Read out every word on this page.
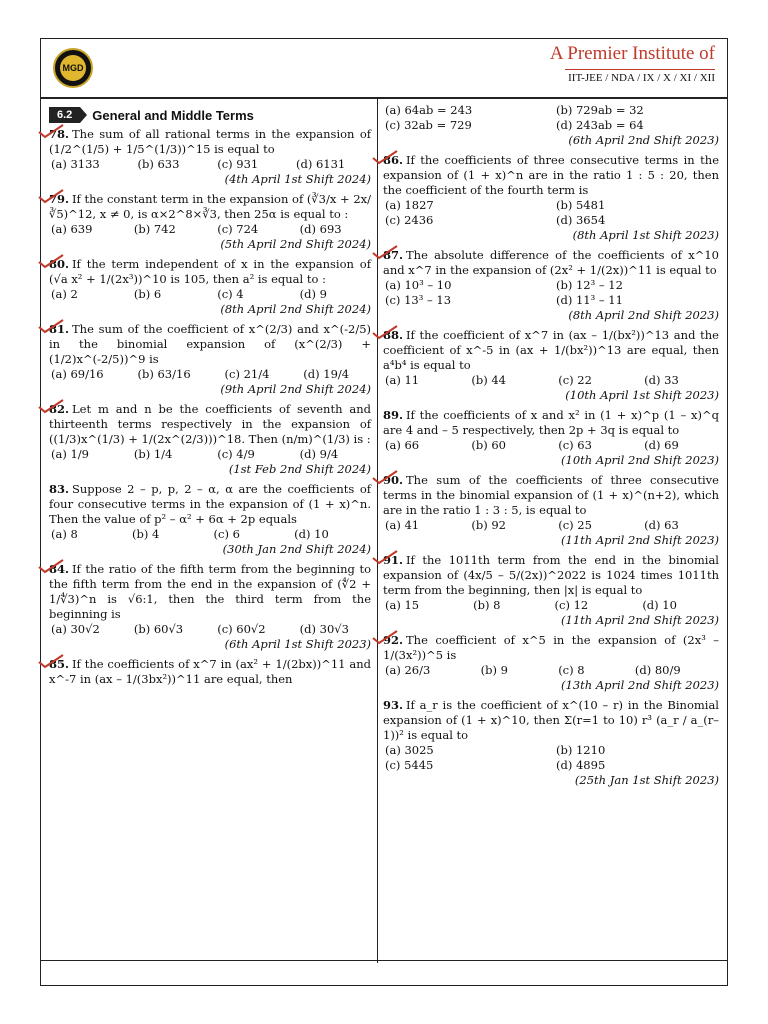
MGD
A Premier Institute of
IIT-JEE / NDA / IX / X / XI / XII
6.2	General and Middle Terms
78. The sum of all rational terms in the expansion of (1/2^(1/5) + 1/5^(1/3))^15 is equal to
(a) 3133	(b) 633	(c) 931	(d) 6131
(4th April 1st Shift 2024)
79. If the constant term in the expansion of (∛3/x + 2x/∛5)^12, x ≠ 0, is α×2^8×∛3, then 25α is equal to :
(a) 639	(b) 742	(c) 724	(d) 693
(5th April 2nd Shift 2024)
80. If the term independent of x in the expansion of (√a x² + 1/(2x³))^10 is 105, then a² is equal to :
(a) 2	(b) 6	(c) 4	(d) 9
(8th April 2nd Shift 2024)
81. The sum of the coefficient of x^(2/3) and x^(-2/5) in the binomial expansion of (x^(2/3) + (1/2)x^(-2/5))^9 is
(a) 69/16	(b) 63/16	(c) 21/4	(d) 19/4
(9th April 2nd Shift 2024)
82. Let m and n be the coefficients of seventh and thirteenth terms respectively in the expansion of ((1/3)x^(1/3) + 1/(2x^(2/3)))^18. Then (n/m)^(1/3) is :
(a) 1/9	(b) 1/4	(c) 4/9	(d) 9/4
(1st Feb 2nd Shift 2024)
83. Suppose 2 – p, p, 2 – α, α are the coefficients of four consecutive terms in the expansion of (1 + x)^n. Then the value of p² – α² + 6α + 2p equals
(a) 8	(b) 4	(c) 6	(d) 10
(30th Jan 2nd Shift 2024)
84. If the ratio of the fifth term from the beginning to the fifth term from the end in the expansion of (∜2 + 1/∜3)^n is √6:1, then the third term from the beginning is
(a) 30√2	(b) 60√3	(c) 60√2	(d) 30√3
(6th April 1st Shift 2023)
85. If the coefficients of x^7 in (ax² + 1/(2bx))^11 and x^-7 in (ax – 1/(3bx²))^11 are equal, then
(a) 64ab = 243	(b) 729ab = 32
(c) 32ab = 729	(d) 243ab = 64
(6th April 2nd Shift 2023)
86. If the coefficients of three consecutive terms in the expansion of (1 + x)^n are in the ratio 1 : 5 : 20, then the coefficient of the fourth term is
(a) 1827	(b) 5481
(c) 2436	(d) 3654
(8th April 1st Shift 2023)
87. The absolute difference of the coefficients of x^10 and x^7 in the expansion of (2x² + 1/(2x))^11 is equal to
(a) 10³ – 10	(b) 12³ – 12
(c) 13³ – 13	(d) 11³ – 11
(8th April 2nd Shift 2023)
88. If the coefficient of x^7 in (ax – 1/(bx²))^13 and the coefficient of x^-5 in (ax + 1/(bx²))^13 are equal, then a⁴b⁴ is equal to
(a) 11	(b) 44	(c) 22	(d) 33
(10th April 1st Shift 2023)
89. If the coefficients of x and x² in (1 + x)^p (1 – x)^q are 4 and – 5 respectively, then 2p + 3q is equal to
(a) 66	(b) 60	(c) 63	(d) 69
(10th April 2nd Shift 2023)
90. The sum of the coefficients of three consecutive terms in the binomial expansion of (1 + x)^(n+2), which are in the ratio 1 : 3 : 5, is equal to
(a) 41	(b) 92	(c) 25	(d) 63
(11th April 2nd Shift 2023)
91. If the 1011th term from the end in the binomial expansion of (4x/5 – 5/(2x))^2022 is 1024 times 1011th term from the beginning, then |x| is equal to
(a) 15	(b) 8	(c) 12	(d) 10
(11th April 2nd Shift 2023)
92. The coefficient of x^5 in the expansion of (2x³ – 1/(3x²))^5 is
(a) 26/3	(b) 9	(c) 8	(d) 80/9
(13th April 2nd Shift 2023)
93. If a_r is the coefficient of x^(10 – r) in the Binomial expansion of (1 + x)^10, then Σ(r=1 to 10) r³ (a_r / a_(r–1))² is equal to
(a) 3025	(b) 1210
(c) 5445	(d) 4895
(25th Jan 1st Shift 2023)
